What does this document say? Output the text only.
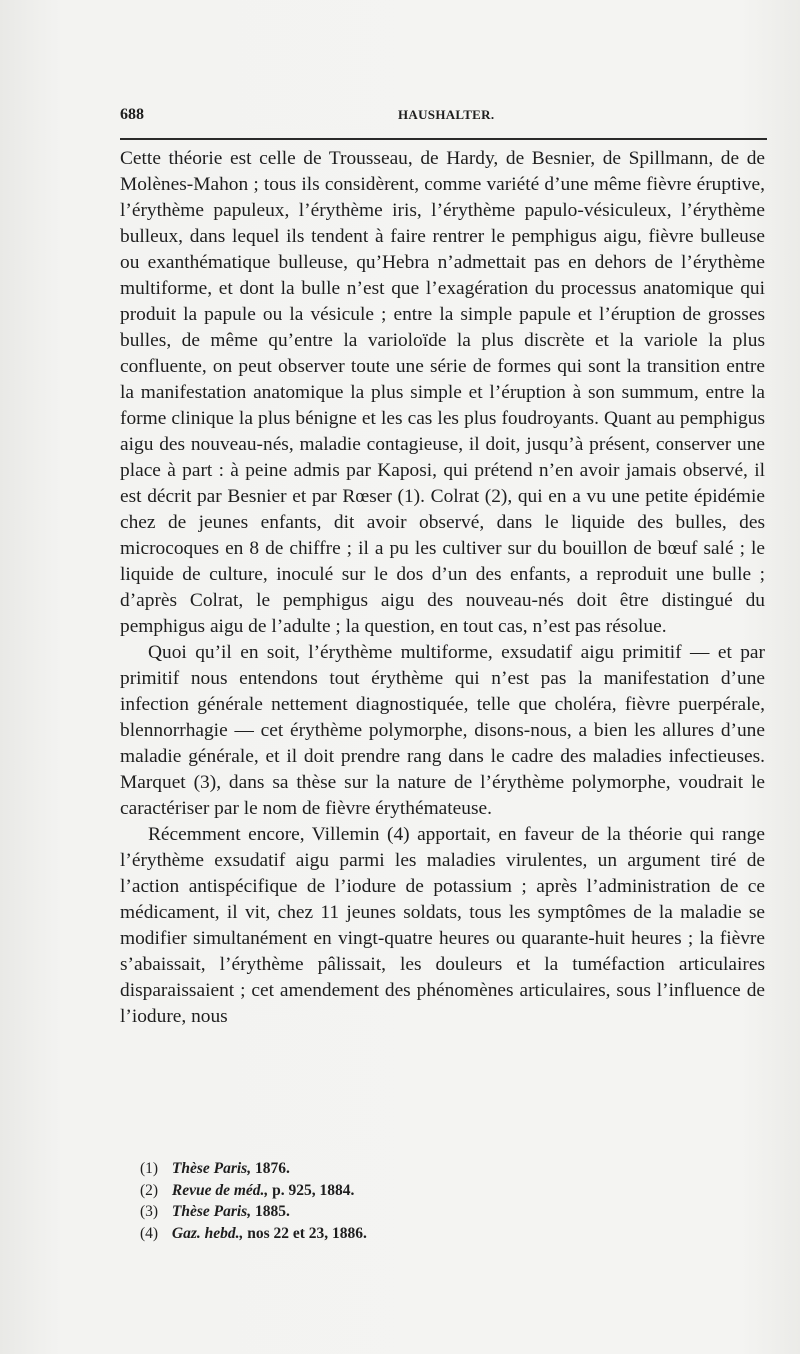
688	HAUSHALTER.

Cette théorie est celle de Trousseau, de Hardy, de Besnier, de Spillmann, de de Molènes-Mahon ; tous ils considèrent, comme variété d’une même fièvre éruptive, l’érythème papuleux, l’érythème iris, l’érythème papulo-vésiculeux, l’érythème bulleux, dans lequel ils tendent à faire rentrer le pemphigus aigu, fièvre bulleuse ou exanthématique bulleuse, qu’Hebra n’admettait pas en dehors de l’érythème multiforme, et dont la bulle n’est que l’exagération du processus anatomique qui produit la papule ou la vésicule ; entre la simple papule et l’éruption de grosses bulles, de même qu’entre la varioloïde la plus discrète et la variole la plus confluente, on peut observer toute une série de formes qui sont la transition entre la manifestation anatomique la plus simple et l’éruption à son summum, entre la forme clinique la plus bénigne et les cas les plus foudroyants. Quant au pemphigus aigu des nouveau-nés, maladie contagieuse, il doit, jusqu’à présent, conserver une place à part : à peine admis par Kaposi, qui prétend n’en avoir jamais observé, il est décrit par Besnier et par Rœser (1). Colrat (2), qui en a vu une petite épidémie chez de jeunes enfants, dit avoir observé, dans le liquide des bulles, des microcoques en 8 de chiffre ; il a pu les cultiver sur du bouillon de bœuf salé ; le liquide de culture, inoculé sur le dos d’un des enfants, a reproduit une bulle ; d’après Colrat, le pemphigus aigu des nouveau-nés doit être distingué du pemphigus aigu de l’adulte ; la question, en tout cas, n’est pas résolue.

Quoi qu’il en soit, l’érythème multiforme, exsudatif aigu primitif — et par primitif nous entendons tout érythème qui n’est pas la manifestation d’une infection générale nettement diagnostiquée, telle que choléra, fièvre puerpérale, blennorrhagie — cet érythème polymorphe, disons-nous, a bien les allures d’une maladie générale, et il doit prendre rang dans le cadre des maladies infectieuses. Marquet (3), dans sa thèse sur la nature de l’érythème polymorphe, voudrait le caractériser par le nom de fièvre érythémateuse.

Récemment encore, Villemin (4) apportait, en faveur de la théorie qui range l’érythème exsudatif aigu parmi les maladies virulentes, un argument tiré de l’action antispécifique de l’iodure de potassium ; après l’administration de ce médicament, il vit, chez 11 jeunes soldats, tous les symptômes de la maladie se modifier simultanément en vingt-quatre heures ou quarante-huit heures ; la fièvre s’abaissait, l’érythème pâlissait, les douleurs et la tuméfaction articulaires disparaissaient ; cet amendement des phénomènes articulaires, sous l’influence de l’iodure, nous

(1) Thèse Paris, 1876.
(2) Revue de méd., p. 925, 1884.
(3) Thèse Paris, 1885.
(4) Gaz. hebd., nos 22 et 23, 1886.
